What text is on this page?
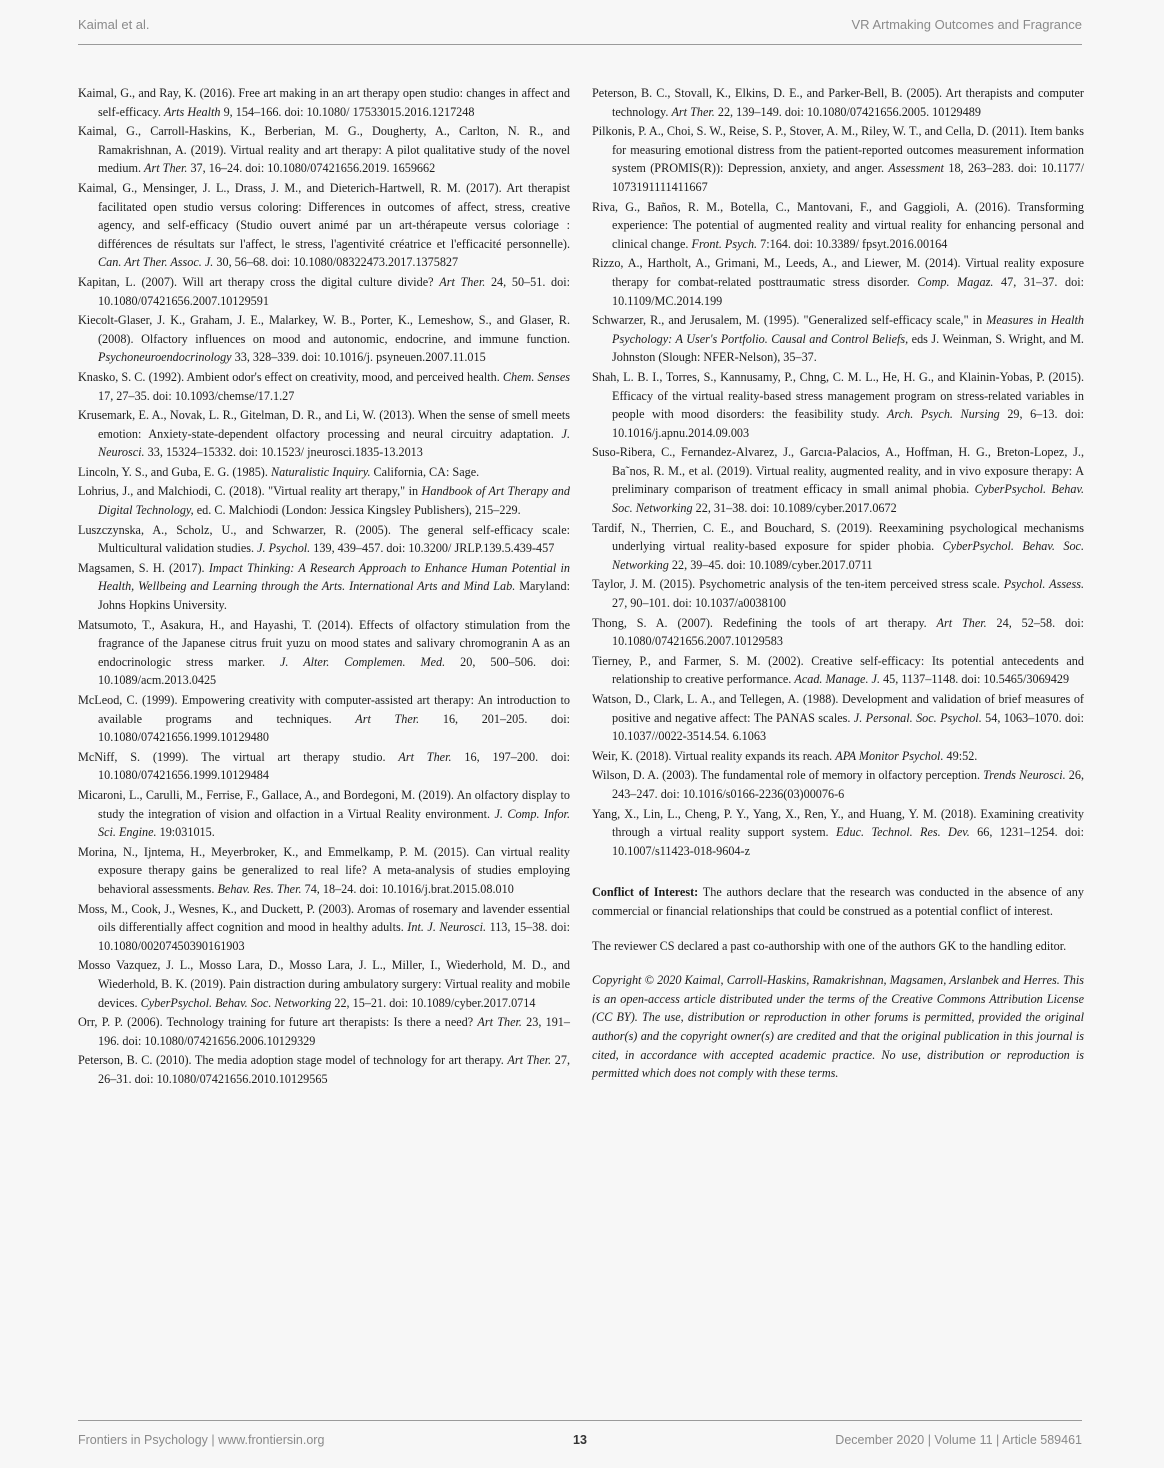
Kaimal et al.	VR Artmaking Outcomes and Fragrance

Kaimal, G., and Ray, K. (2016). Free art making in an art therapy open studio: changes in affect and self-efficacy. Arts Health 9, 154–166. doi: 10.1080/ 17533015.2016.1217248

Kaimal, G., Carroll-Haskins, K., Berberian, M. G., Dougherty, A., Carlton, N. R., and Ramakrishnan, A. (2019). Virtual reality and art therapy: A pilot qualitative study of the novel medium. Art Ther. 37, 16–24. doi: 10.1080/07421656.2019. 1659662

Kaimal, G., Mensinger, J. L., Drass, J. M., and Dieterich-Hartwell, R. M. (2017). Art therapist facilitated open studio versus coloring: Differences in outcomes of affect, stress, creative agency, and self-efficacy (Studio ouvert animé par un art-thérapeute versus coloriage : différences de résultats sur l'affect, le stress, l'agentivité créatrice et l'efficacité personnelle). Can. Art Ther. Assoc. J. 30, 56–68. doi: 10.1080/08322473.2017.1375827

Kapitan, L. (2007). Will art therapy cross the digital culture divide? Art Ther. 24, 50–51. doi: 10.1080/07421656.2007.10129591

Kiecolt-Glaser, J. K., Graham, J. E., Malarkey, W. B., Porter, K., Lemeshow, S., and Glaser, R. (2008). Olfactory influences on mood and autonomic, endocrine, and immune function. Psychoneuroendocrinology 33, 328–339. doi: 10.1016/j. psyneuen.2007.11.015

Knasko, S. C. (1992). Ambient odor's effect on creativity, mood, and perceived health. Chem. Senses 17, 27–35. doi: 10.1093/chemse/17.1.27

Krusemark, E. A., Novak, L. R., Gitelman, D. R., and Li, W. (2013). When the sense of smell meets emotion: Anxiety-state-dependent olfactory processing and neural circuitry adaptation. J. Neurosci. 33, 15324–15332. doi: 10.1523/ jneurosci.1835-13.2013

Lincoln, Y. S., and Guba, E. G. (1985). Naturalistic Inquiry. California, CA: Sage.

Lohrius, J., and Malchiodi, C. (2018). "Virtual reality art therapy," in Handbook of Art Therapy and Digital Technology, ed. C. Malchiodi (London: Jessica Kingsley Publishers), 215–229.

Luszczynska, A., Scholz, U., and Schwarzer, R. (2005). The general self-efficacy scale: Multicultural validation studies. J. Psychol. 139, 439–457. doi: 10.3200/ JRLP.139.5.439-457

Magsamen, S. H. (2017). Impact Thinking: A Research Approach to Enhance Human Potential in Health, Wellbeing and Learning through the Arts. International Arts and Mind Lab. Maryland: Johns Hopkins University.

Matsumoto, T., Asakura, H., and Hayashi, T. (2014). Effects of olfactory stimulation from the fragrance of the Japanese citrus fruit yuzu on mood states and salivary chromogranin A as an endocrinologic stress marker. J. Alter. Complemen. Med. 20, 500–506. doi: 10.1089/acm.2013.0425

McLeod, C. (1999). Empowering creativity with computer-assisted art therapy: An introduction to available programs and techniques. Art Ther. 16, 201–205. doi: 10.1080/07421656.1999.10129480

McNiff, S. (1999). The virtual art therapy studio. Art Ther. 16, 197–200. doi: 10.1080/07421656.1999.10129484

Micaroni, L., Carulli, M., Ferrise, F., Gallace, A., and Bordegoni, M. (2019). An olfactory display to study the integration of vision and olfaction in a Virtual Reality environment. J. Comp. Infor. Sci. Engine. 19:031015.

Morina, N., Ijntema, H., Meyerbroker, K., and Emmelkamp, P. M. (2015). Can virtual reality exposure therapy gains be generalized to real life? A meta-analysis of studies employing behavioral assessments. Behav. Res. Ther. 74, 18–24. doi: 10.1016/j.brat.2015.08.010

Moss, M., Cook, J., Wesnes, K., and Duckett, P. (2003). Aromas of rosemary and lavender essential oils differentially affect cognition and mood in healthy adults. Int. J. Neurosci. 113, 15–38. doi: 10.1080/00207450390161903

Mosso Vazquez, J. L., Mosso Lara, D., Mosso Lara, J. L., Miller, I., Wiederhold, M. D., and Wiederhold, B. K. (2019). Pain distraction during ambulatory surgery: Virtual reality and mobile devices. CyberPsychol. Behav. Soc. Networking 22, 15–21. doi: 10.1089/cyber.2017.0714

Orr, P. P. (2006). Technology training for future art therapists: Is there a need? Art Ther. 23, 191–196. doi: 10.1080/07421656.2006.10129329

Peterson, B. C. (2010). The media adoption stage model of technology for art therapy. Art Ther. 27, 26–31. doi: 10.1080/07421656.2010.10129565

Peterson, B. C., Stovall, K., Elkins, D. E., and Parker-Bell, B. (2005). Art therapists and computer technology. Art Ther. 22, 139–149. doi: 10.1080/07421656.2005. 10129489

Pilkonis, P. A., Choi, S. W., Reise, S. P., Stover, A. M., Riley, W. T., and Cella, D. (2011). Item banks for measuring emotional distress from the patient-reported outcomes measurement information system (PROMIS(R)): Depression, anxiety, and anger. Assessment 18, 263–283. doi: 10.1177/ 1073191111411667

Riva, G., Baños, R. M., Botella, C., Mantovani, F., and Gaggioli, A. (2016). Transforming experience: The potential of augmented reality and virtual reality for enhancing personal and clinical change. Front. Psych. 7:164. doi: 10.3389/ fpsyt.2016.00164

Rizzo, A., Hartholt, A., Grimani, M., Leeds, A., and Liewer, M. (2014). Virtual reality exposure therapy for combat-related posttraumatic stress disorder. Comp. Magaz. 47, 31–37. doi: 10.1109/MC.2014.199

Schwarzer, R., and Jerusalem, M. (1995). "Generalized self-efficacy scale," in Measures in Health Psychology: A User's Portfolio. Causal and Control Beliefs, eds J. Weinman, S. Wright, and M. Johnston (Slough: NFER-Nelson), 35–37.

Shah, L. B. I., Torres, S., Kannusamy, P., Chng, C. M. L., He, H. G., and Klainin-Yobas, P. (2015). Efficacy of the virtual reality-based stress management program on stress-related variables in people with mood disorders: the feasibility study. Arch. Psych. Nursing 29, 6–13. doi: 10.1016/j.apnu.2014.09.003

Suso-Ribera, C., Fernandez-Alvarez, J., Garcıa-Palacios, A., Hoffman, H. G., Breton-Lopez, J., Ba˜nos, R. M., et al. (2019). Virtual reality, augmented reality, and in vivo exposure therapy: A preliminary comparison of treatment efficacy in small animal phobia. CyberPsychol. Behav. Soc. Networking 22, 31–38. doi: 10.1089/cyber.2017.0672

Tardif, N., Therrien, C. E., and Bouchard, S. (2019). Reexamining psychological mechanisms underlying virtual reality-based exposure for spider phobia. CyberPsychol. Behav. Soc. Networking 22, 39–45. doi: 10.1089/cyber.2017.0711

Taylor, J. M. (2015). Psychometric analysis of the ten-item perceived stress scale. Psychol. Assess. 27, 90–101. doi: 10.1037/a0038100

Thong, S. A. (2007). Redefining the tools of art therapy. Art Ther. 24, 52–58. doi: 10.1080/07421656.2007.10129583

Tierney, P., and Farmer, S. M. (2002). Creative self-efficacy: Its potential antecedents and relationship to creative performance. Acad. Manage. J. 45, 1137–1148. doi: 10.5465/3069429

Watson, D., Clark, L. A., and Tellegen, A. (1988). Development and validation of brief measures of positive and negative affect: The PANAS scales. J. Personal. Soc. Psychol. 54, 1063–1070. doi: 10.1037//0022-3514.54. 6.1063

Weir, K. (2018). Virtual reality expands its reach. APA Monitor Psychol. 49:52.

Wilson, D. A. (2003). The fundamental role of memory in olfactory perception. Trends Neurosci. 26, 243–247. doi: 10.1016/s0166-2236(03)00076-6

Yang, X., Lin, L., Cheng, P. Y., Yang, X., Ren, Y., and Huang, Y. M. (2018). Examining creativity through a virtual reality support system. Educ. Technol. Res. Dev. 66, 1231–1254. doi: 10.1007/s11423-018-9604-z

Conflict of Interest: The authors declare that the research was conducted in the absence of any commercial or financial relationships that could be construed as a potential conflict of interest.

The reviewer CS declared a past co-authorship with one of the authors GK to the handling editor.

Copyright © 2020 Kaimal, Carroll-Haskins, Ramakrishnan, Magsamen, Arslanbek and Herres. This is an open-access article distributed under the terms of the Creative Commons Attribution License (CC BY). The use, distribution or reproduction in other forums is permitted, provided the original author(s) and the copyright owner(s) are credited and that the original publication in this journal is cited, in accordance with accepted academic practice. No use, distribution or reproduction is permitted which does not comply with these terms.

Frontiers in Psychology | www.frontiersin.org	13	December 2020 | Volume 11 | Article 589461
